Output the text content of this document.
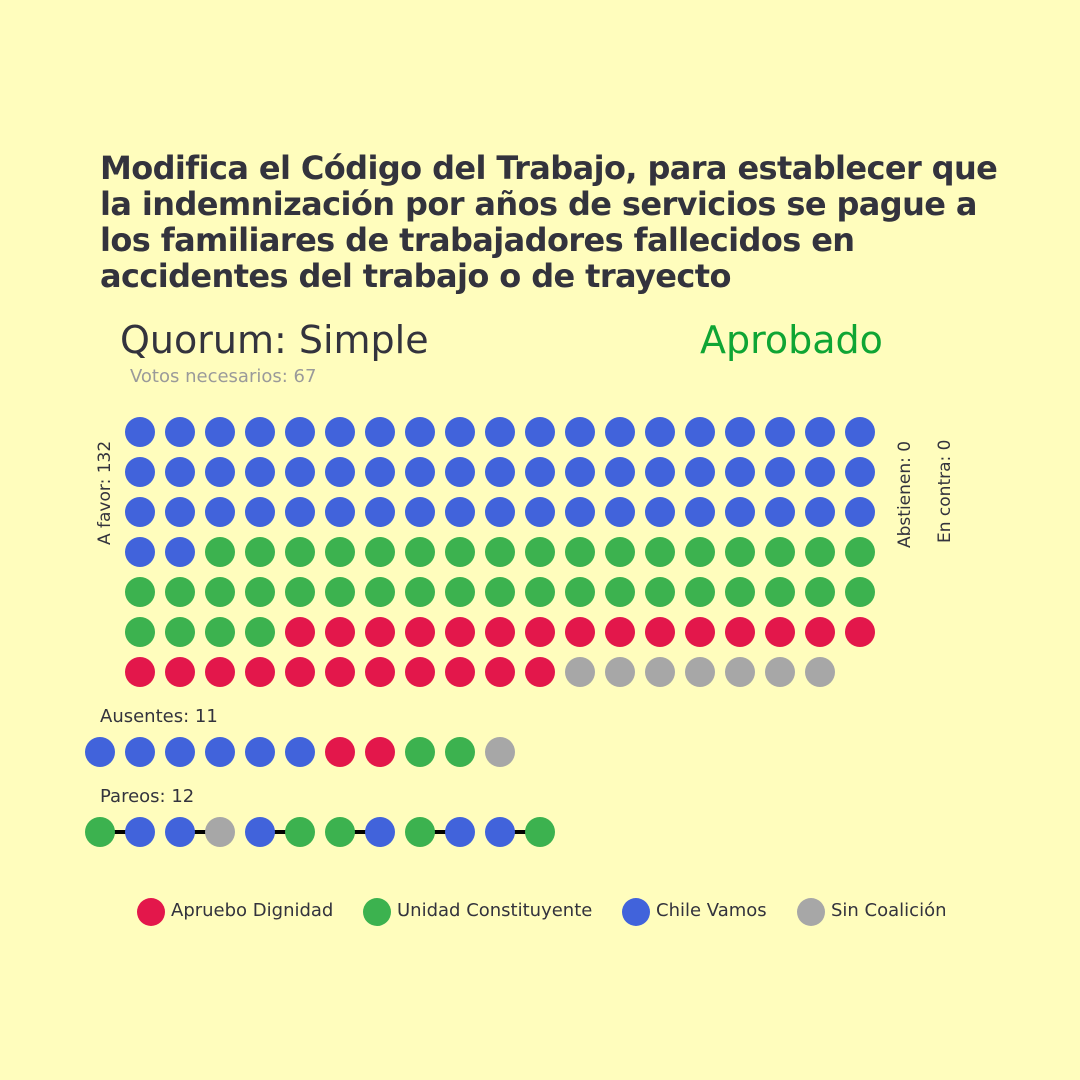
Modifica el Código del Trabajo, para establecer que la indemnización por años de servicios se pague a los familiares de trabajadores fallecidos en accidentes del trabajo o de trayecto
Quorum: Simple	Aprobado
Votos necesarios: 67
A favor: 132	Abstienen: 0 En contra: 0
Ausentes: 11
Pareos: 12
Apruebo Dignidad	Unidad Constituyente	Chile Vamos	Sin Coalición
